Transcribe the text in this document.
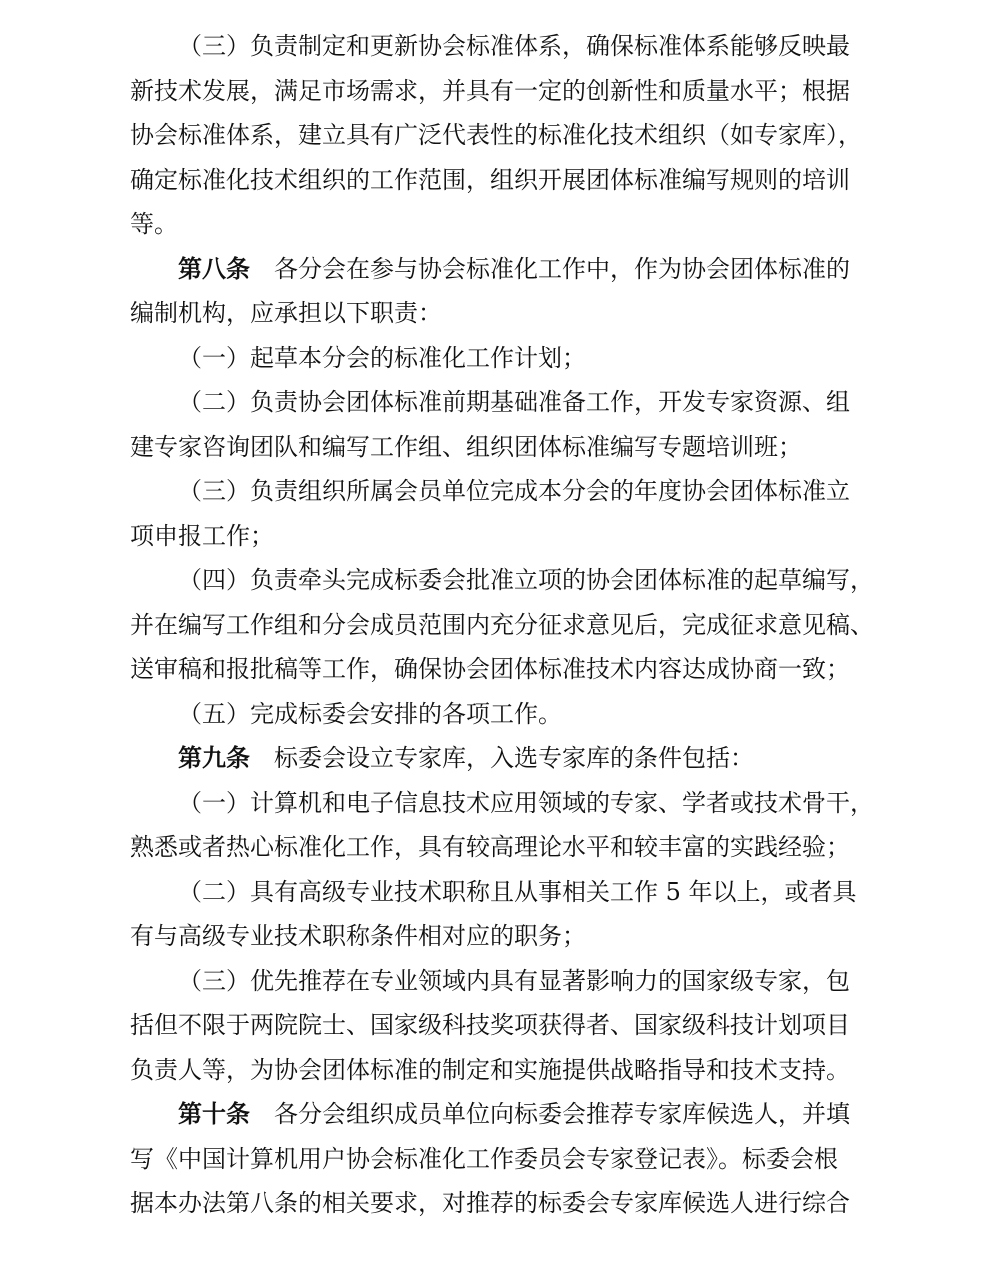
（三）负责制定和更新协会标准体系，确保标准体系能够反映最
新技术发展，满足市场需求，并具有一定的创新性和质量水平；根据
协会标准体系，建立具有广泛代表性的标准化技术组织（如专家库），
确定标准化技术组织的工作范围，组织开展团体标准编写规则的培训
等。
第八条 各分会在参与协会标准化工作中，作为协会团体标准的
编制机构，应承担以下职责：
（一）起草本分会的标准化工作计划；
（二）负责协会团体标准前期基础准备工作，开发专家资源、组
建专家咨询团队和编写工作组、组织团体标准编写专题培训班；
（三）负责组织所属会员单位完成本分会的年度协会团体标准立
项申报工作；
（四）负责牵头完成标委会批准立项的协会团体标准的起草编写，
并在编写工作组和分会成员范围内充分征求意见后，完成征求意见稿、
送审稿和报批稿等工作，确保协会团体标准技术内容达成协商一致；
（五）完成标委会安排的各项工作。
第九条 标委会设立专家库，入选专家库的条件包括：
（一）计算机和电子信息技术应用领域的专家、学者或技术骨干，
熟悉或者热心标准化工作，具有较高理论水平和较丰富的实践经验；
（二）具有高级专业技术职称且从事相关工作 5 年以上，或者具
有与高级专业技术职称条件相对应的职务；
（三）优先推荐在专业领域内具有显著影响力的国家级专家，包
括但不限于两院院士、国家级科技奖项获得者、国家级科技计划项目
负责人等，为协会团体标准的制定和实施提供战略指导和技术支持。
第十条 各分会组织成员单位向标委会推荐专家库候选人，并填
写《中国计算机用户协会标准化工作委员会专家登记表》。标委会根
据本办法第八条的相关要求，对推荐的标委会专家库候选人进行综合
